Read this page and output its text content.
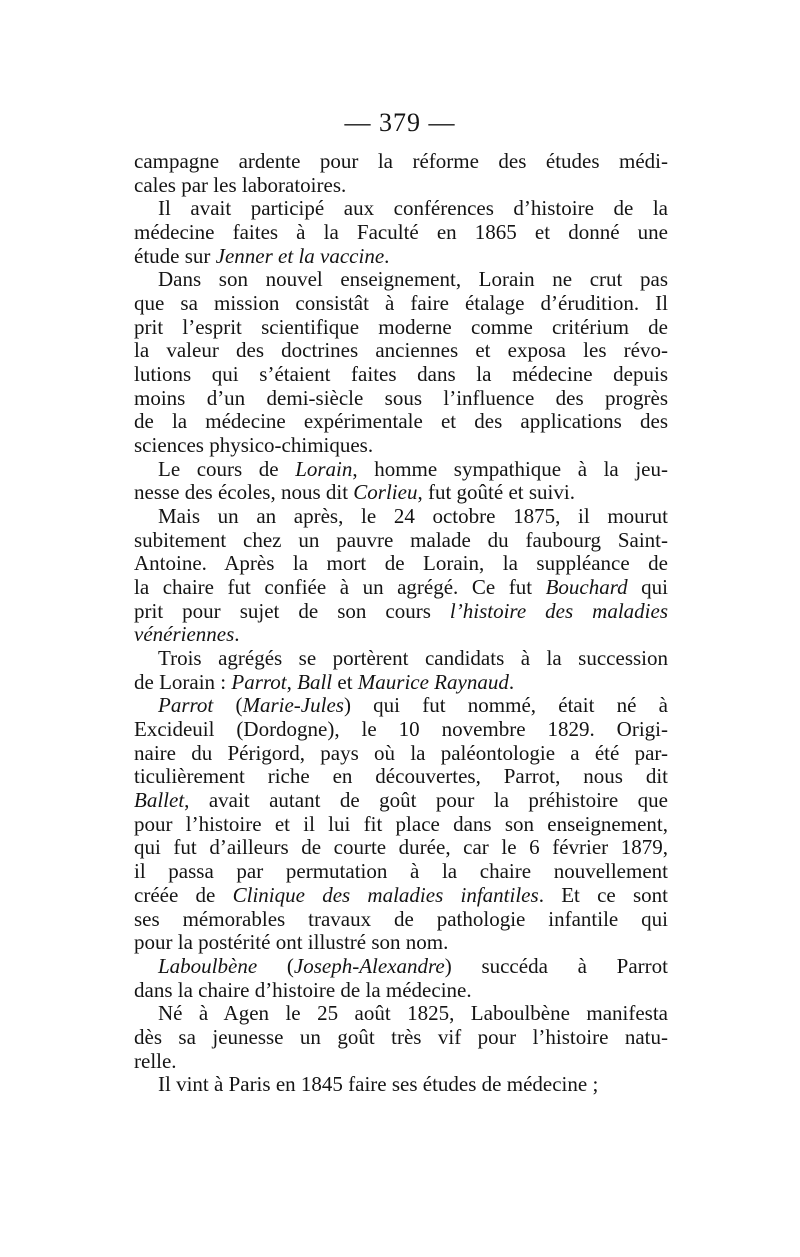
— 379 —
campagne ardente pour la réforme des études médi-
cales par les laboratoires.
Il avait participé aux conférences d’histoire de la
médecine faites à la Faculté en 1865 et donné une
étude sur Jenner et la vaccine.
Dans son nouvel enseignement, Lorain ne crut pas
que sa mission consistât à faire étalage d’érudition. Il
prit l’esprit scientifique moderne comme critérium de
la valeur des doctrines anciennes et exposa les révo-
lutions qui s’étaient faites dans la médecine depuis
moins d’un demi-siècle sous l’influence des progrès
de la médecine expérimentale et des applications des
sciences physico-chimiques.
Le cours de Lorain, homme sympathique à la jeu-
nesse des écoles, nous dit Corlieu, fut goûté et suivi.
Mais un an après, le 24 octobre 1875, il mourut
subitement chez un pauvre malade du faubourg Saint-
Antoine. Après la mort de Lorain, la suppléance de
la chaire fut confiée à un agrégé. Ce fut Bouchard qui
prit pour sujet de son cours l’histoire des maladies
vénériennes.
Trois agrégés se portèrent candidats à la succession
de Lorain : Parrot, Ball et Maurice Raynaud.
Parrot (Marie-Jules) qui fut nommé, était né à
Excideuil (Dordogne), le 10 novembre 1829. Origi-
naire du Périgord, pays où la paléontologie a été par-
ticulièrement riche en découvertes, Parrot, nous dit
Ballet, avait autant de goût pour la préhistoire que
pour l’histoire et il lui fit place dans son enseignement,
qui fut d’ailleurs de courte durée, car le 6 février 1879,
il passa par permutation à la chaire nouvellement
créée de Clinique des maladies infantiles. Et ce sont
ses mémorables travaux de pathologie infantile qui
pour la postérité ont illustré son nom.
Laboulbène (Joseph-Alexandre) succéda à Parrot
dans la chaire d’histoire de la médecine.
Né à Agen le 25 août 1825, Laboulbène manifesta
dès sa jeunesse un goût très vif pour l’histoire natu-
relle.
Il vint à Paris en 1845 faire ses études de médecine ;
